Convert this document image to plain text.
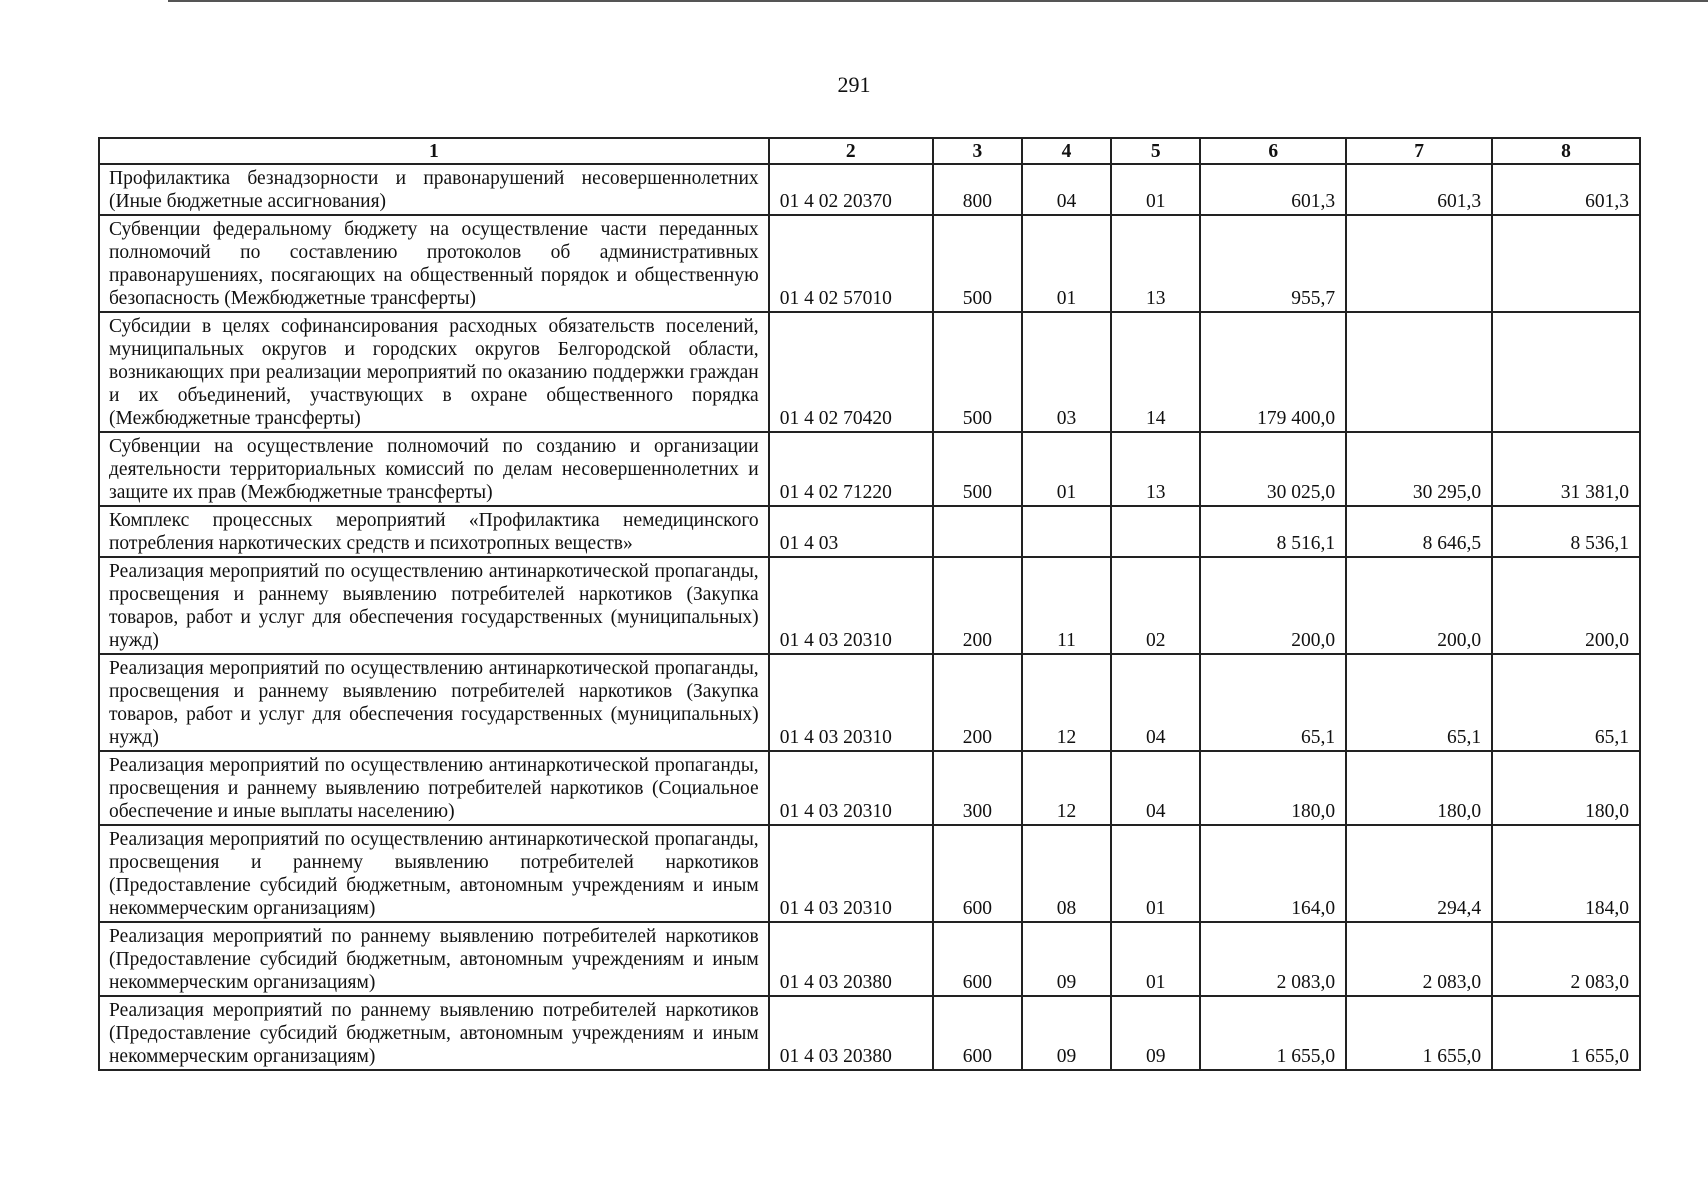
291
1	2	3	4	5	6	7	8
Профилактика безнадзорности и правонарушений несовершеннолетних (Иные бюджетные ассигнования)	01 4 02 20370	800	04	01	601,3	601,3	601,3
Субвенции федеральному бюджету на осуществление части переданных полномочий по составлению протоколов об административных правонарушениях, посягающих на общественный порядок и общественную безопасность (Межбюджетные трансферты)	01 4 02 57010	500	01	13	955,7		
Субсидии в целях софинансирования расходных обязательств поселений, муниципальных округов и городских округов Белгородской области, возникающих при реализации мероприятий по оказанию поддержки граждан и их объединений, участвующих в охране общественного порядка (Межбюджетные трансферты)	01 4 02 70420	500	03	14	179 400,0		
Субвенции на осуществление полномочий по созданию и организации деятельности территориальных комиссий по делам несовершеннолетних и защите их прав (Межбюджетные трансферты)	01 4 02 71220	500	01	13	30 025,0	30 295,0	31 381,0
Комплекс процессных мероприятий «Профилактика немедицинского потребления наркотических средств и психотропных веществ»	01 4 03				8 516,1	8 646,5	8 536,1
Реализация мероприятий по осуществлению антинаркотической пропаганды, просвещения и раннему выявлению потребителей наркотиков (Закупка товаров, работ и услуг для обеспечения государственных (муниципальных) нужд)	01 4 03 20310	200	11	02	200,0	200,0	200,0
Реализация мероприятий по осуществлению антинаркотической пропаганды, просвещения и раннему выявлению потребителей наркотиков (Закупка товаров, работ и услуг для обеспечения государственных (муниципальных) нужд)	01 4 03 20310	200	12	04	65,1	65,1	65,1
Реализация мероприятий по осуществлению антинаркотической пропаганды, просвещения и раннему выявлению потребителей наркотиков (Социальное обеспечение и иные выплаты населению)	01 4 03 20310	300	12	04	180,0	180,0	180,0
Реализация мероприятий по осуществлению антинаркотической пропаганды, просвещения и раннему выявлению потребителей наркотиков (Предоставление субсидий бюджетным, автономным учреждениям и иным некоммерческим организациям)	01 4 03 20310	600	08	01	164,0	294,4	184,0
Реализация мероприятий по раннему выявлению потребителей наркотиков (Предоставление субсидий бюджетным, автономным учреждениям и иным некоммерческим организациям)	01 4 03 20380	600	09	01	2 083,0	2 083,0	2 083,0
Реализация мероприятий по раннему выявлению потребителей наркотиков (Предоставление субсидий бюджетным, автономным учреждениям и иным некоммерческим организациям)	01 4 03 20380	600	09	09	1 655,0	1 655,0	1 655,0
